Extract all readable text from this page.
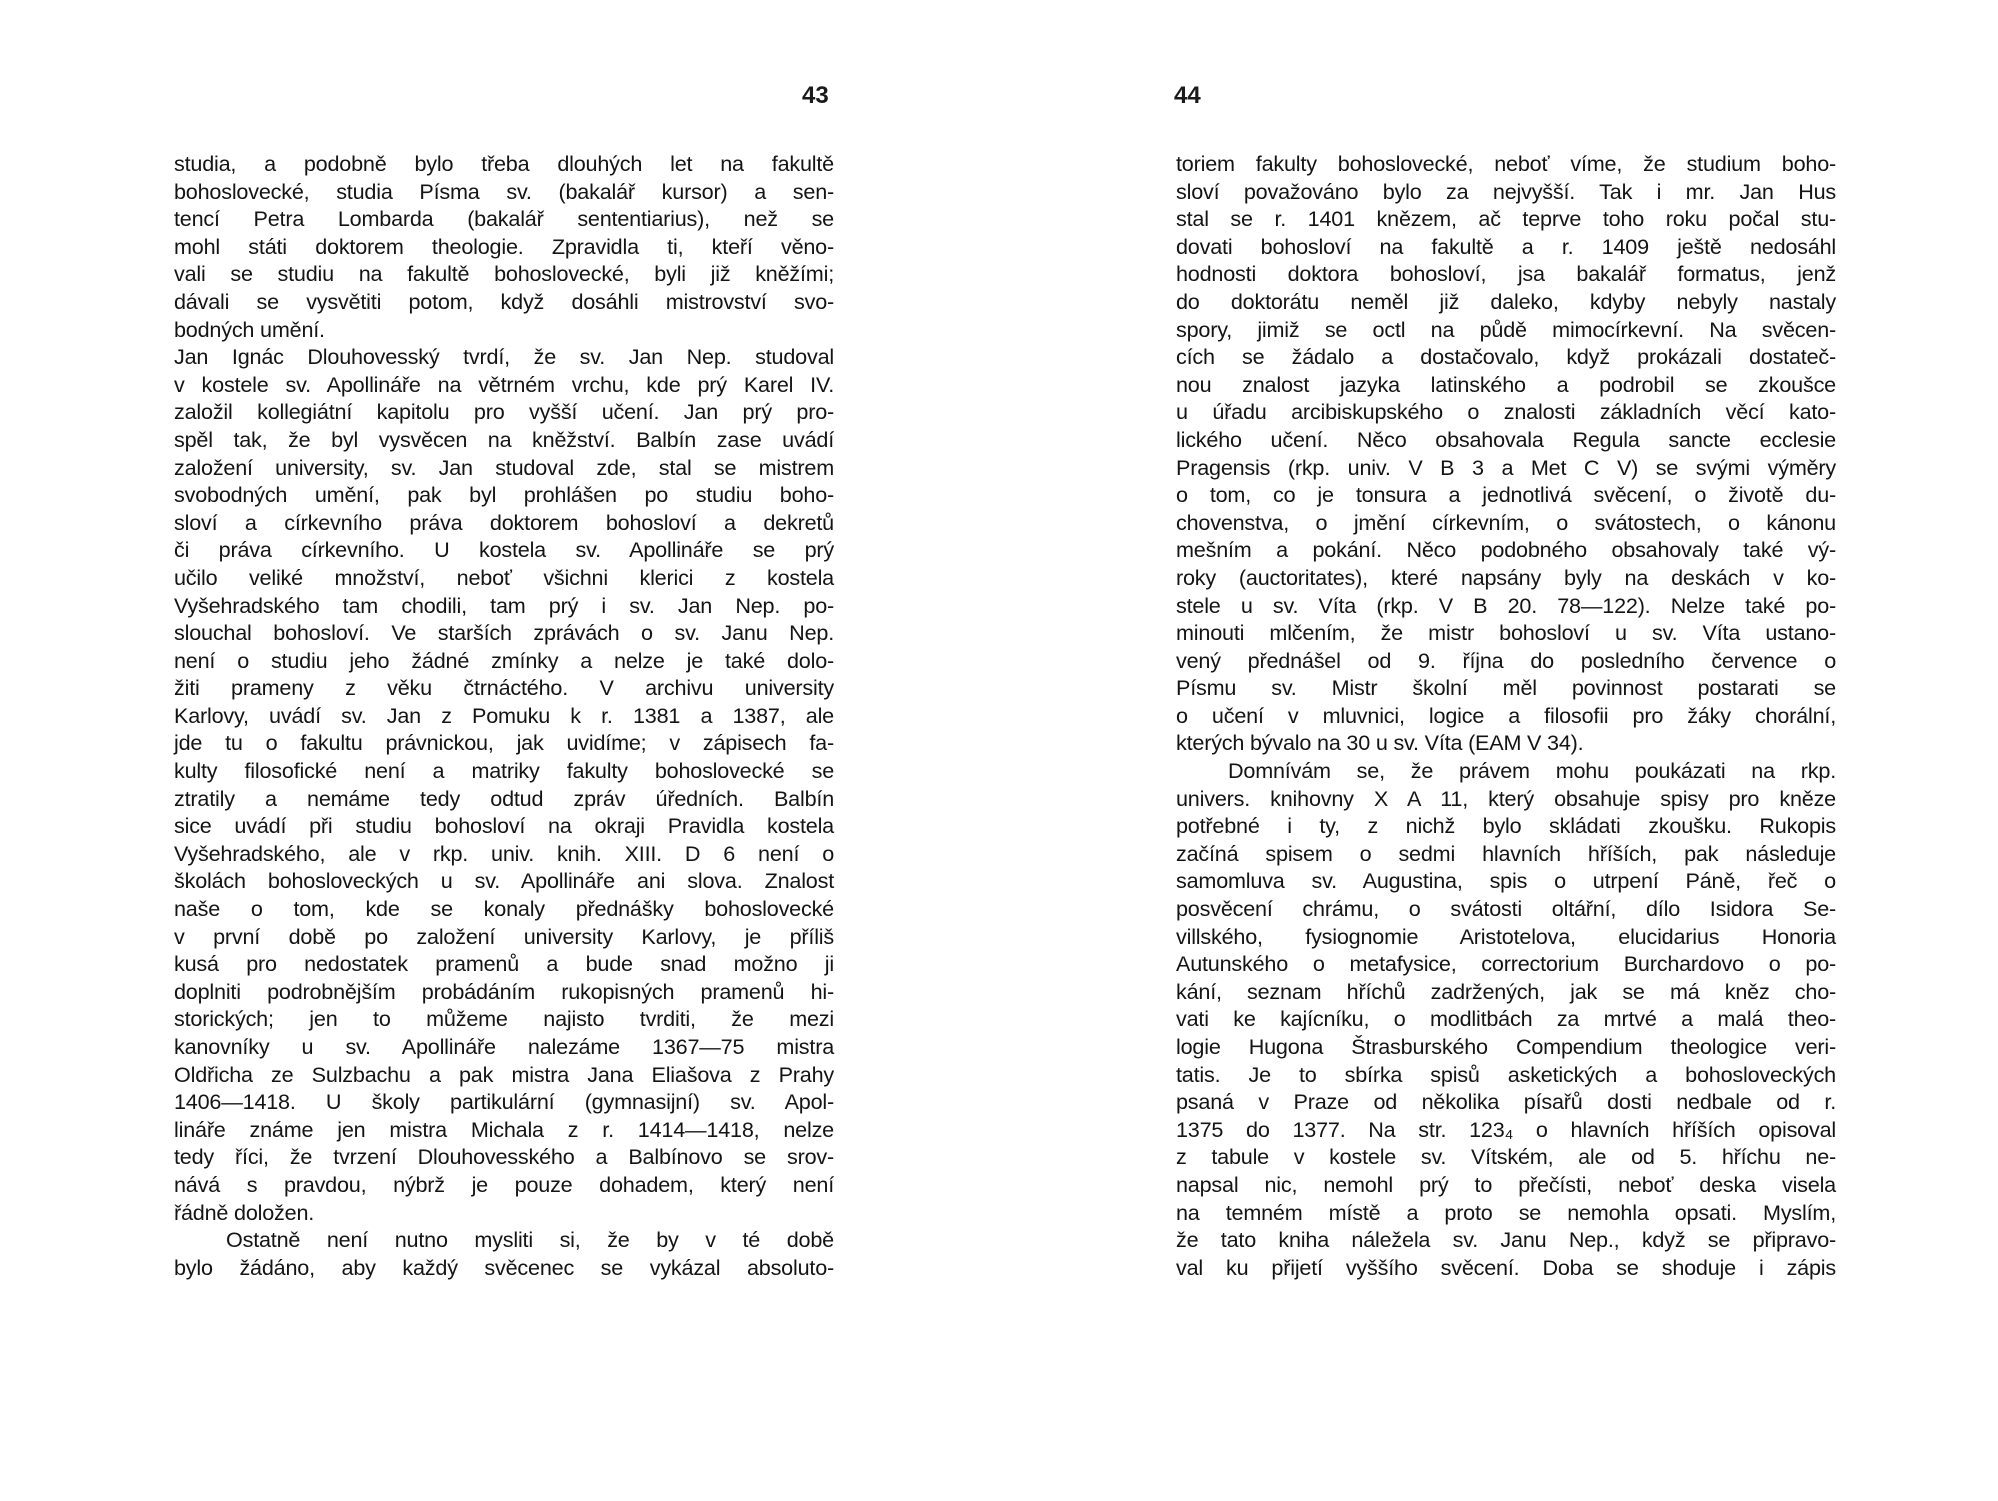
43
studia, a podobně bylo třeba dlouhých let na fakultě
bohoslovecké, studia Písma sv. (bakalář kursor) a sen-
tencí Petra Lombarda (bakalář sententiarius), než se
mohl státi doktorem theologie. Zpravidla ti, kteří věno-
vali se studiu na fakultě bohoslovecké, byli již kněžími;
dávali se vysvětiti potom, když dosáhli mistrovství svo-
bodných umění.
Jan Ignác Dlouhovesský tvrdí, že sv. Jan Nep. studoval
v kostele sv. Apollináře na větrném vrchu, kde prý Karel IV.
založil kollegiátní kapitolu pro vyšší učení. Jan prý pro-
spěl tak, že byl vysvěcen na kněžství. Balbín zase uvádí
založení university, sv. Jan studoval zde, stal se mistrem
svobodných umění, pak byl prohlášen po studiu boho-
sloví a církevního práva doktorem bohosloví a dekretů
či práva církevního. U kostela sv. Apollináře se prý
učilo veliké množství, neboť všichni klerici z kostela
Vyšehradského tam chodili, tam prý i sv. Jan Nep. po-
slouchal bohosloví. Ve starších zprávách o sv. Janu Nep.
není o studiu jeho žádné zmínky a nelze je také dolo-
žiti prameny z věku čtrnáctého. V archivu university
Karlovy, uvádí sv. Jan z Pomuku k r. 1381 a 1387, ale
jde tu o fakultu právnickou, jak uvidíme; v zápisech fa-
kulty filosofické není a matriky fakulty bohoslovecké se
ztratily a nemáme tedy odtud zpráv úředních. Balbín
sice uvádí při studiu bohosloví na okraji Pravidla kostela
Vyšehradského, ale v rkp. univ. knih. XIII. D 6 není o
školách bohosloveckých u sv. Apollináře ani slova. Znalost
naše o tom, kde se konaly přednášky bohoslovecké
v první době po založení university Karlovy, je příliš
kusá pro nedostatek pramenů a bude snad možno ji
doplniti podrobnějším probádáním rukopisných pramenů hi-
storických; jen to můžeme najisto tvrditi, že mezi
kanovníky u sv. Apollináře nalezáme 1367—75 mistra
Oldřicha ze Sulzbachu a pak mistra Jana Eliašova z Prahy
1406—1418. U školy partikulární (gymnasijní) sv. Apol-
lináře známe jen mistra Michala z r. 1414—1418, nelze
tedy říci, že tvrzení Dlouhovesského a Balbínovo se srov-
nává s pravdou, nýbrž je pouze dohadem, který není
řádně doložen.
Ostatně není nutno mysliti si, že by v té době
bylo žádáno, aby každý svěcenec se vykázal absoluto-
44
toriem fakulty bohoslovecké, neboť víme, že studium boho-
sloví považováno bylo za nejvyšší. Tak i mr. Jan Hus
stal se r. 1401 knězem, ač teprve toho roku počal stu-
dovati bohosloví na fakultě a r. 1409 ještě nedosáhl
hodnosti doktora bohosloví, jsa bakalář formatus, jenž
do doktorátu neměl již daleko, kdyby nebyly nastaly
spory, jimiž se octl na půdě mimocírkevní. Na svěcen-
cích se žádalo a dostačovalo, když prokázali dostateč-
nou znalost jazyka latinského a podrobil se zkoušce
u úřadu arcibiskupského o znalosti základních věcí kato-
lického učení. Něco obsahovala Regula sancte ecclesie
Pragensis (rkp. univ. V B 3 a Met C V) se svými výměry
o tom, co je tonsura a jednotlivá svěcení, o životě du-
chovenstva, o jmění církevním, o svátostech, o kánonu
mešním a pokání. Něco podobného obsahovaly také vý-
roky (auctoritates), které napsány byly na deskách v ko-
stele u sv. Víta (rkp. V B 20. 78—122). Nelze také po-
minouti mlčením, že mistr bohosloví u sv. Víta ustano-
vený přednášel od 9. října do posledního července o
Písmu sv. Mistr školní měl povinnost postarati se
o učení v mluvnici, logice a filosofii pro žáky chorální,
kterých bývalo na 30 u sv. Víta (EAM V 34).
Domnívám se, že právem mohu poukázati na rkp.
univers. knihovny X A 11, který obsahuje spisy pro kněze
potřebné i ty, z nichž bylo skládati zkoušku. Rukopis
začíná spisem o sedmi hlavních hříších, pak následuje
samomluva sv. Augustina, spis o utrpení Páně, řeč o
posvěcení chrámu, o svátosti oltářní, dílo Isidora Se-
villského, fysiognomie Aristotelova, elucidarius Honoria
Autunského o metafysice, correctorium Burchardovo o po-
kání, seznam hříchů zadržených, jak se má kněz cho-
vati ke kajícníku, o modlitbách za mrtvé a malá theo-
logie Hugona Štrasburského Compendium theologice veri-
tatis. Je to sbírka spisů asketických a bohosloveckých
psaná v Praze od několika písařů dosti nedbale od r.
1375 do 1377. Na str. 123₄ o hlavních hříších opisoval
z tabule v kostele sv. Vítském, ale od 5. hříchu ne-
napsal nic, nemohl prý to přečísti, neboť deska visela
na temném místě a proto se nemohla opsati. Myslím,
že tato kniha náležela sv. Janu Nep., když se připravo-
val ku přijetí vyššího svěcení. Doba se shoduje i zápis
